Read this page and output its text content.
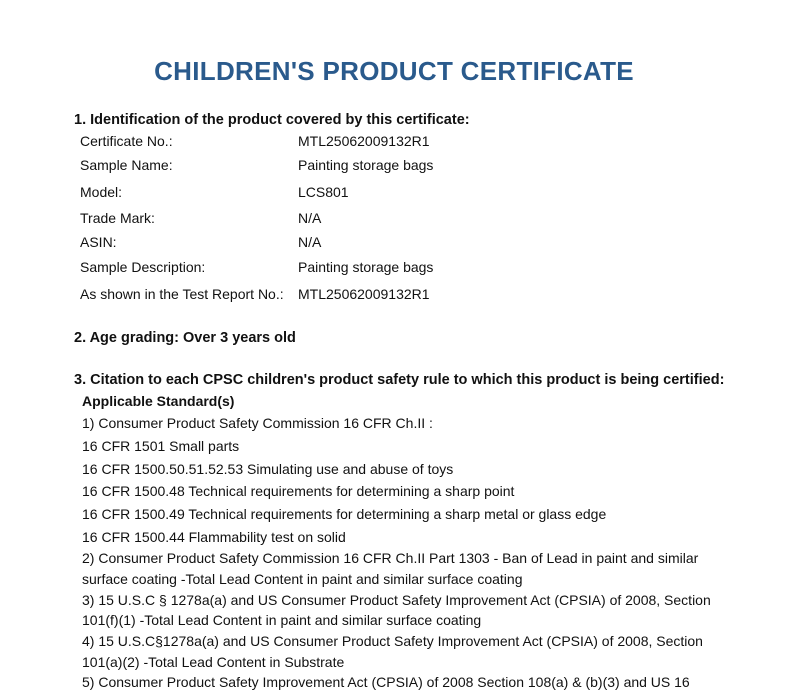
CHILDREN'S PRODUCT CERTIFICATE
1. Identification of the product covered by this certificate:
Certificate No.:	MTL25062009132R1
Sample Name:	Painting storage bags
Model:	LCS801
Trade Mark:	N/A
ASIN:	N/A
Sample Description:	Painting storage bags
As shown in the Test Report No.: MTL25062009132R1
2. Age grading: Over 3 years old
3. Citation to each CPSC children's product safety rule to which this product is being certified:
Applicable Standard(s)
1) Consumer Product Safety Commission 16 CFR Ch.II :
16 CFR 1501 Small parts
16 CFR 1500.50.51.52.53 Simulating use and abuse of toys
16 CFR 1500.48 Technical requirements for determining a sharp point
16 CFR 1500.49 Technical requirements for determining a sharp metal or glass edge
16 CFR 1500.44 Flammability test on solid
2) Consumer Product Safety Commission 16 CFR Ch.II Part 1303 - Ban of Lead in paint and similar
surface coating -Total Lead Content in paint and similar surface coating
3) 15 U.S.C § 1278a(a) and US Consumer Product Safety Improvement Act (CPSIA) of 2008, Section
101(f)(1) -Total Lead Content in paint and similar surface coating
4) 15 U.S.C§1278a(a) and US Consumer Product Safety Improvement Act (CPSIA) of 2008, Section
101(a)(2) -Total Lead Content in Substrate
5) Consumer Product Safety Improvement Act (CPSIA) of 2008 Section 108(a) & (b)(3) and US 16
